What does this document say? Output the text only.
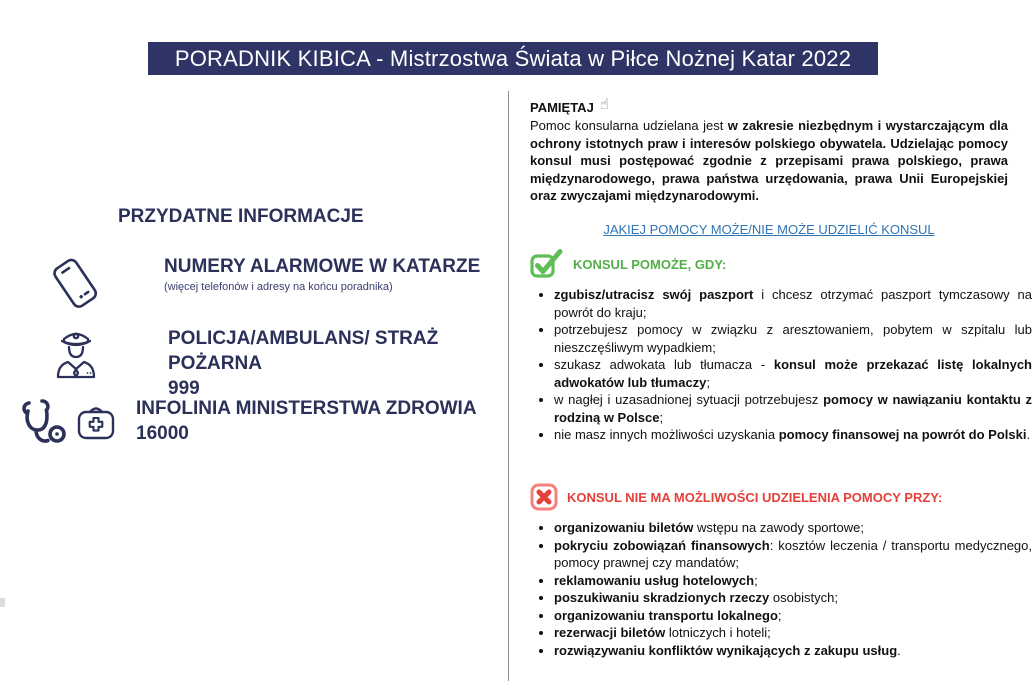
PORADNIK KIBICA - Mistrzostwa Świata w Piłce Nożnej Katar 2022
PRZYDATNE INFORMACJE
NUMERY ALARMOWE W KATARZE
(więcej telefonów i adresy na końcu poradnika)
POLICJA/AMBULANS/ STRAŻ POŻARNA
999
INFOLINIA MINISTERSTWA ZDROWIA
16000
PAMIĘTAJ ☝

Pomoc konsularna udzielana jest w zakresie niezbędnym i wystarczającym dla ochrony istotnych praw i interesów polskiego obywatela. Udzielając pomocy konsul musi postępować zgodnie z przepisami prawa polskiego, prawa międzynarodowego, prawa państwa urzędowania, prawa Unii Europejskiej oraz zwyczajami międzynarodowymi.

JAKIEJ POMOCY MOŻE/NIE MOŻE UDZIELIĆ KONSUL
KONSUL POMOŻE, GDY:
• zgubisz/utracisz swój paszport i chcesz otrzymać paszport tymczasowy na powrót do kraju;
• potrzebujesz pomocy w związku z aresztowaniem, pobytem w szpitalu lub nieszczęśliwym wypadkiem;
• szukasz adwokata lub tłumacza - konsul może przekazać listę lokalnych adwokatów lub tłumaczy;
• w nagłej i uzasadnionej sytuacji potrzebujesz pomocy w nawiązaniu kontaktu z rodziną w Polsce;
• nie masz innych możliwości uzyskania pomocy finansowej na powrót do Polski.
KONSUL NIE MA MOŻLIWOŚCI UDZIELENIA POMOCY PRZY:
• organizowaniu biletów wstępu na zawody sportowe;
• pokryciu zobowiązań finansowych: kosztów leczenia / transportu medycznego, pomocy prawnej czy mandatów;
• reklamowaniu usług hotelowych;
• poszukiwaniu skradzionych rzeczy osobistych;
• organizowaniu transportu lokalnego;
• rezerwacji biletów lotniczych i hoteli;
• rozwiązywaniu konfliktów wynikających z zakupu usług.
